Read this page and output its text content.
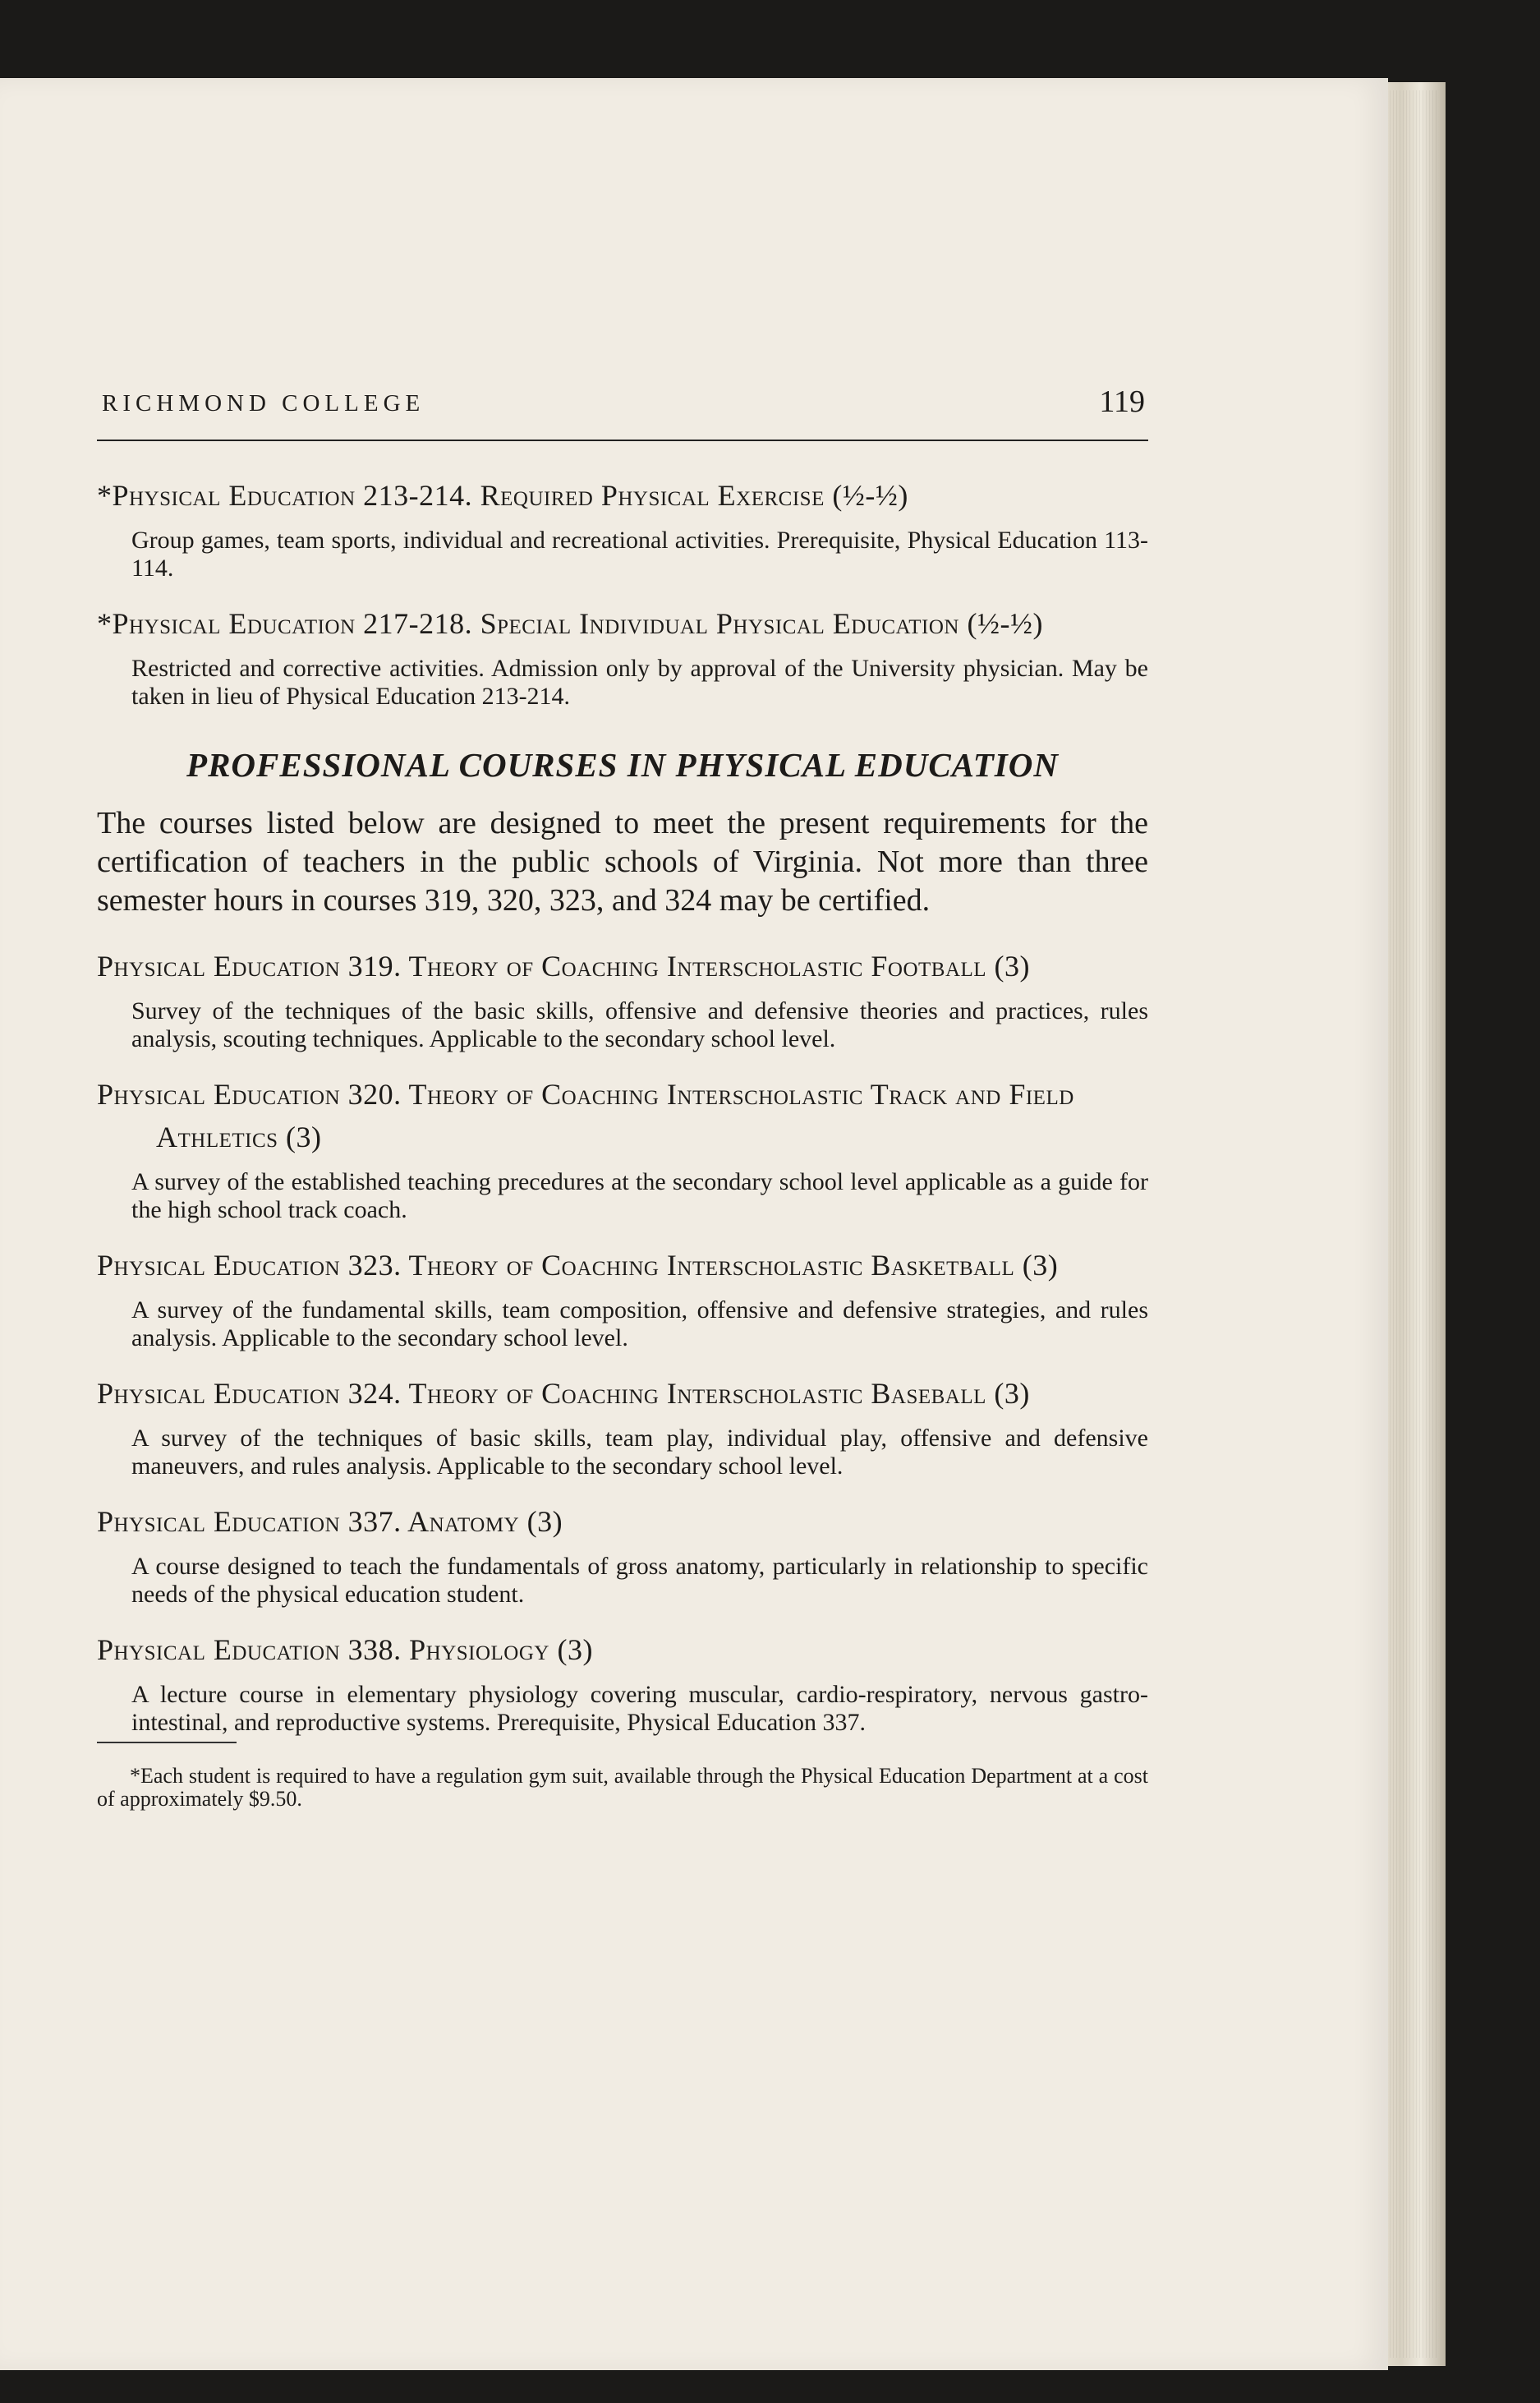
RICHMOND COLLEGE	119

*Physical Education 213-214. Required Physical Exercise (½-½)

Group games, team sports, individual and recreational activities. Prerequisite, Physical Education 113-114.

*Physical Education 217-218. Special Individual Physical Education (½-½)

Restricted and corrective activities. Admission only by approval of the University physician. May be taken in lieu of Physical Education 213-214.

PROFESSIONAL COURSES IN PHYSICAL EDUCATION

The courses listed below are designed to meet the present requirements for the certification of teachers in the public schools of Virginia. Not more than three semester hours in courses 319, 320, 323, and 324 may be certified.

Physical Education 319. Theory of Coaching Interscholastic Football (3)

Survey of the techniques of the basic skills, offensive and defensive theories and practices, rules analysis, scouting techniques. Applicable to the secondary school level.

Physical Education 320. Theory of Coaching Interscholastic Track and Field Athletics (3)

A survey of the established teaching precedures at the secondary school level applicable as a guide for the high school track coach.

Physical Education 323. Theory of Coaching Interscholastic Basketball (3)

A survey of the fundamental skills, team composition, offensive and defensive strategies, and rules analysis. Applicable to the secondary school level.

Physical Education 324. Theory of Coaching Interscholastic Baseball (3)

A survey of the techniques of basic skills, team play, individual play, offensive and defensive maneuvers, and rules analysis. Applicable to the secondary school level.

Physical Education 337. Anatomy (3)

A course designed to teach the fundamentals of gross anatomy, particularly in relationship to specific needs of the physical education student.

Physical Education 338. Physiology (3)

A lecture course in elementary physiology covering muscular, cardio-respiratory, nervous gastro-intestinal, and reproductive systems. Prerequisite, Physical Education 337.

*Each student is required to have a regulation gym suit, available through the Physical Education Department at a cost of approximately $9.50.
